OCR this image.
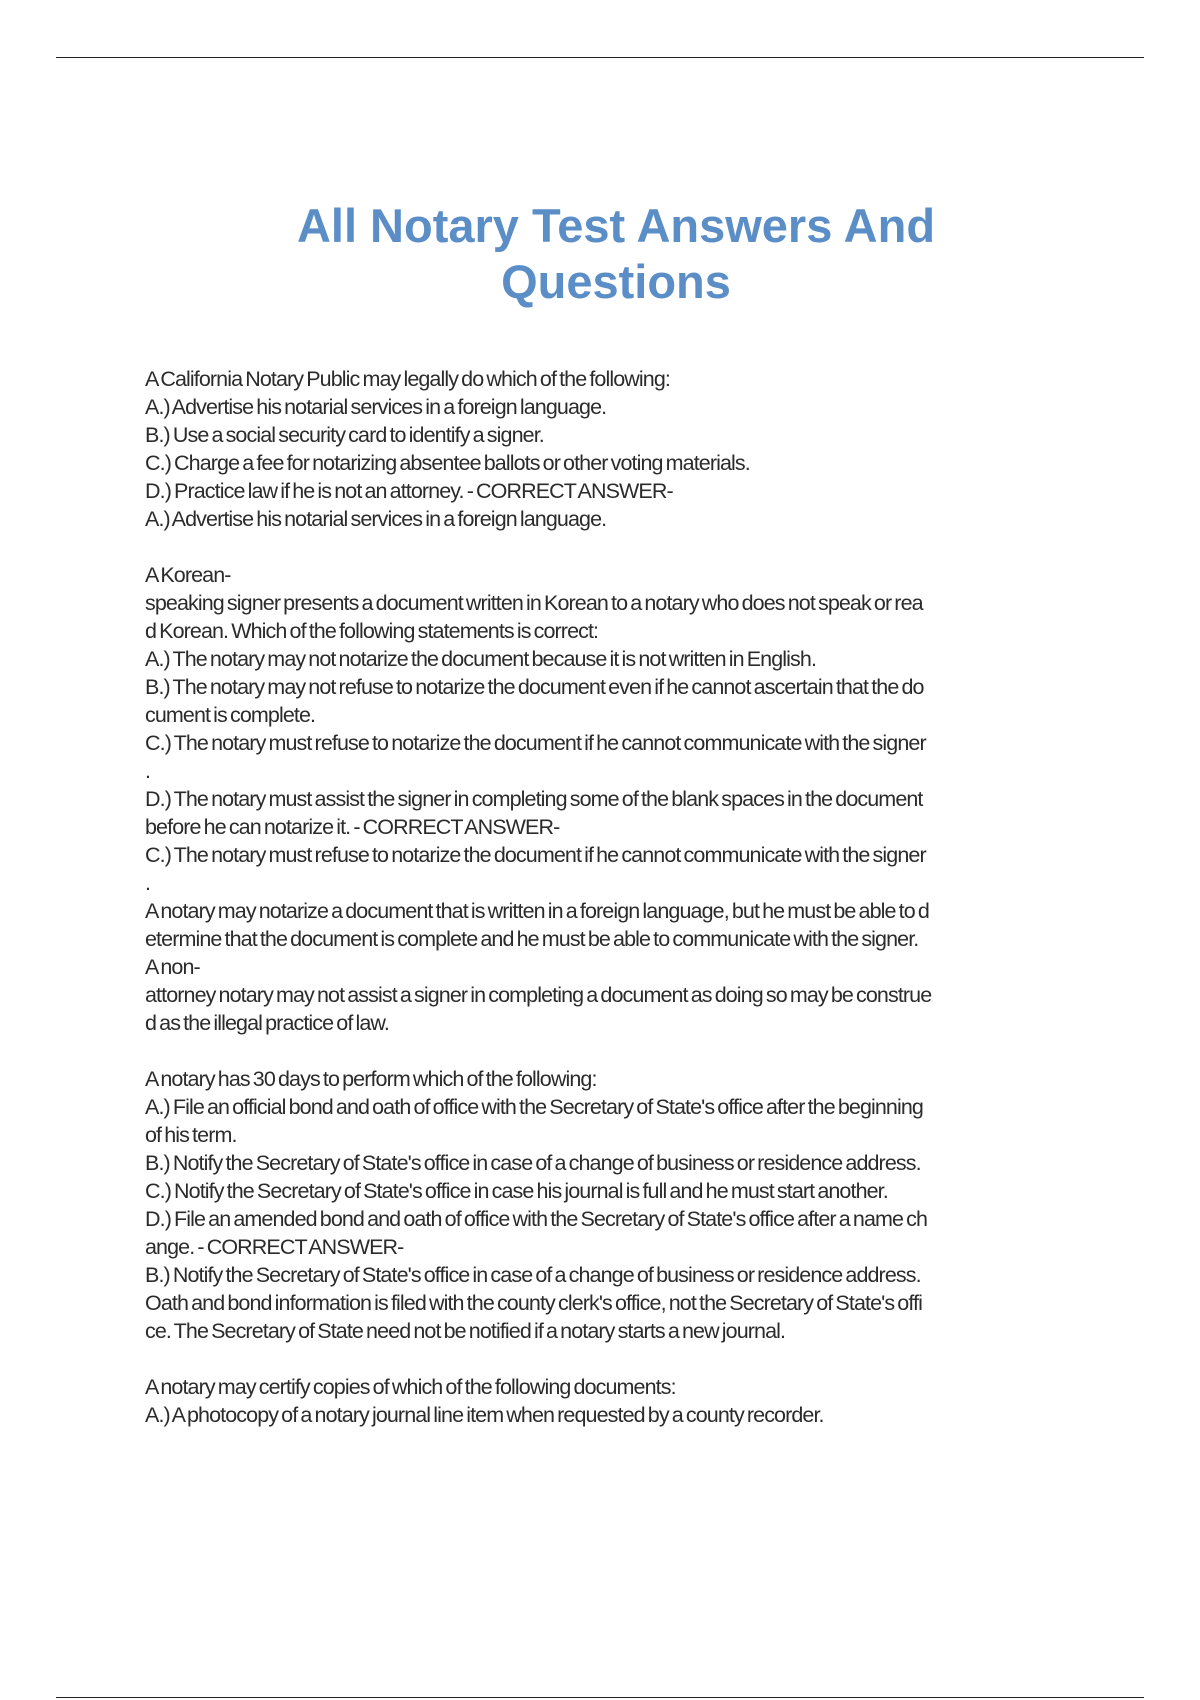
All Notary Test Answers And
Questions

A California Notary Public may legally do which of the following:

A.) Advertise his notarial services in a foreign language.

B.) Use a social security card to identify a signer.

C.) Charge a fee for notarizing absentee ballots or other voting materials.

D.) Practice law if he is not an attorney. - CORRECT ANSWER-

A.) Advertise his notarial services in a foreign language.

A Korean-

speaking signer presents a document written in Korean to a notary who does not speak or rea

d Korean. Which of the following statements is correct:

A.) The notary may not notarize the document because it is not written in English.

B.) The notary may not refuse to notarize the document even if he cannot ascertain that the do

cument is complete.

C.) The notary must refuse to notarize the document if he cannot communicate with the signer

.

D.) The notary must assist the signer in completing some of the blank spaces in the document

before he can notarize it. - CORRECT ANSWER-

C.) The notary must refuse to notarize the document if he cannot communicate with the signer

.

A notary may notarize a document that is written in a foreign language, but he must be able to d

etermine that the document is complete and he must be able to communicate with the signer.

A non-

attorney notary may not assist a signer in completing a document as doing so may be construe

d as the illegal practice of law.

A notary has 30 days to perform which of the following:

A.) File an official bond and oath of office with the Secretary of State's office after the beginning

of his term.

B.) Notify the Secretary of State's office in case of a change of business or residence address.

C.) Notify the Secretary of State's office in case his journal is full and he must start another.

D.) File an amended bond and oath of office with the Secretary of State's office after a name ch

ange. - CORRECT ANSWER-

B.) Notify the Secretary of State's office in case of a change of business or residence address.

Oath and bond information is filed with the county clerk's office, not the Secretary of State's offi

ce. The Secretary of State need not be notified if a notary starts a new journal.

A notary may certify copies of which of the following documents:

A.) A photocopy of a notary journal line item when requested by a county recorder.
